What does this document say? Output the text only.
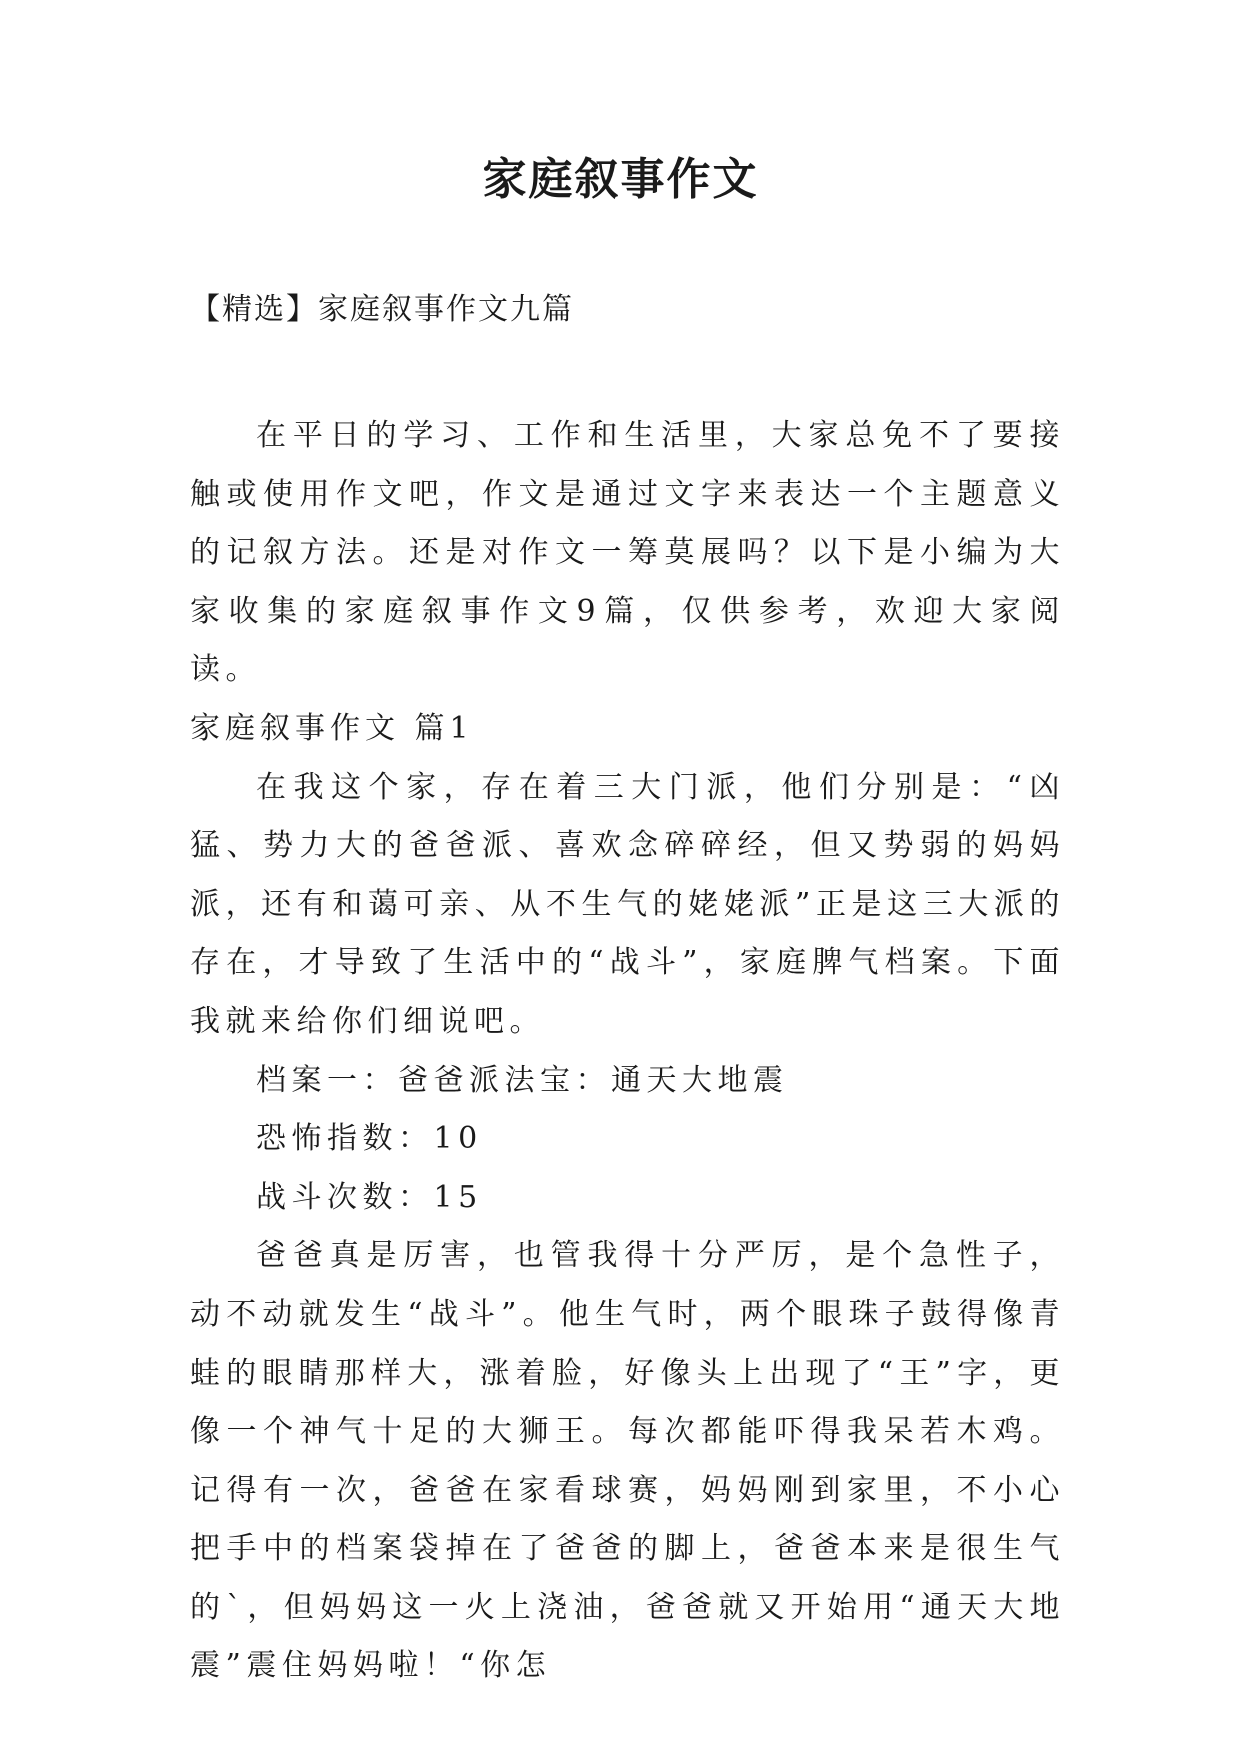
家庭叙事作文

【精选】家庭叙事作文九篇

在平日的学习、工作和生活里，大家总免不了要接触或使用作文吧，作文是通过文字来表达一个主题意义的记叙方法。还是对作文一筹莫展吗？以下是小编为大家收集的家庭叙事作文9篇，仅供参考，欢迎大家阅读。

家庭叙事作文 篇1

在我这个家，存在着三大门派，他们分别是：“凶猛、势力大的爸爸派、喜欢念碎碎经，但又势弱的妈妈派，还有和蔼可亲、从不生气的姥姥派”正是这三大派的存在，才导致了生活中的“战斗”，家庭脾气档案。下面我就来给你们细说吧。

档案一：爸爸派法宝：通天大地震

恐怖指数：10

战斗次数：15

爸爸真是厉害，也管我得十分严厉，是个急性子，动不动就发生“战斗”。他生气时，两个眼珠子鼓得像青蛙的眼睛那样大，涨着脸，好像头上出现了“王”字，更像一个神气十足的大狮王。每次都能吓得我呆若木鸡。记得有一次，爸爸在家看球赛，妈妈刚到家里，不小心把手中的档案袋掉在了爸爸的脚上，爸爸本来是很生气的`，但妈妈这一火上浇油，爸爸就又开始用“通天大地震”震住妈妈啦！“你怎
